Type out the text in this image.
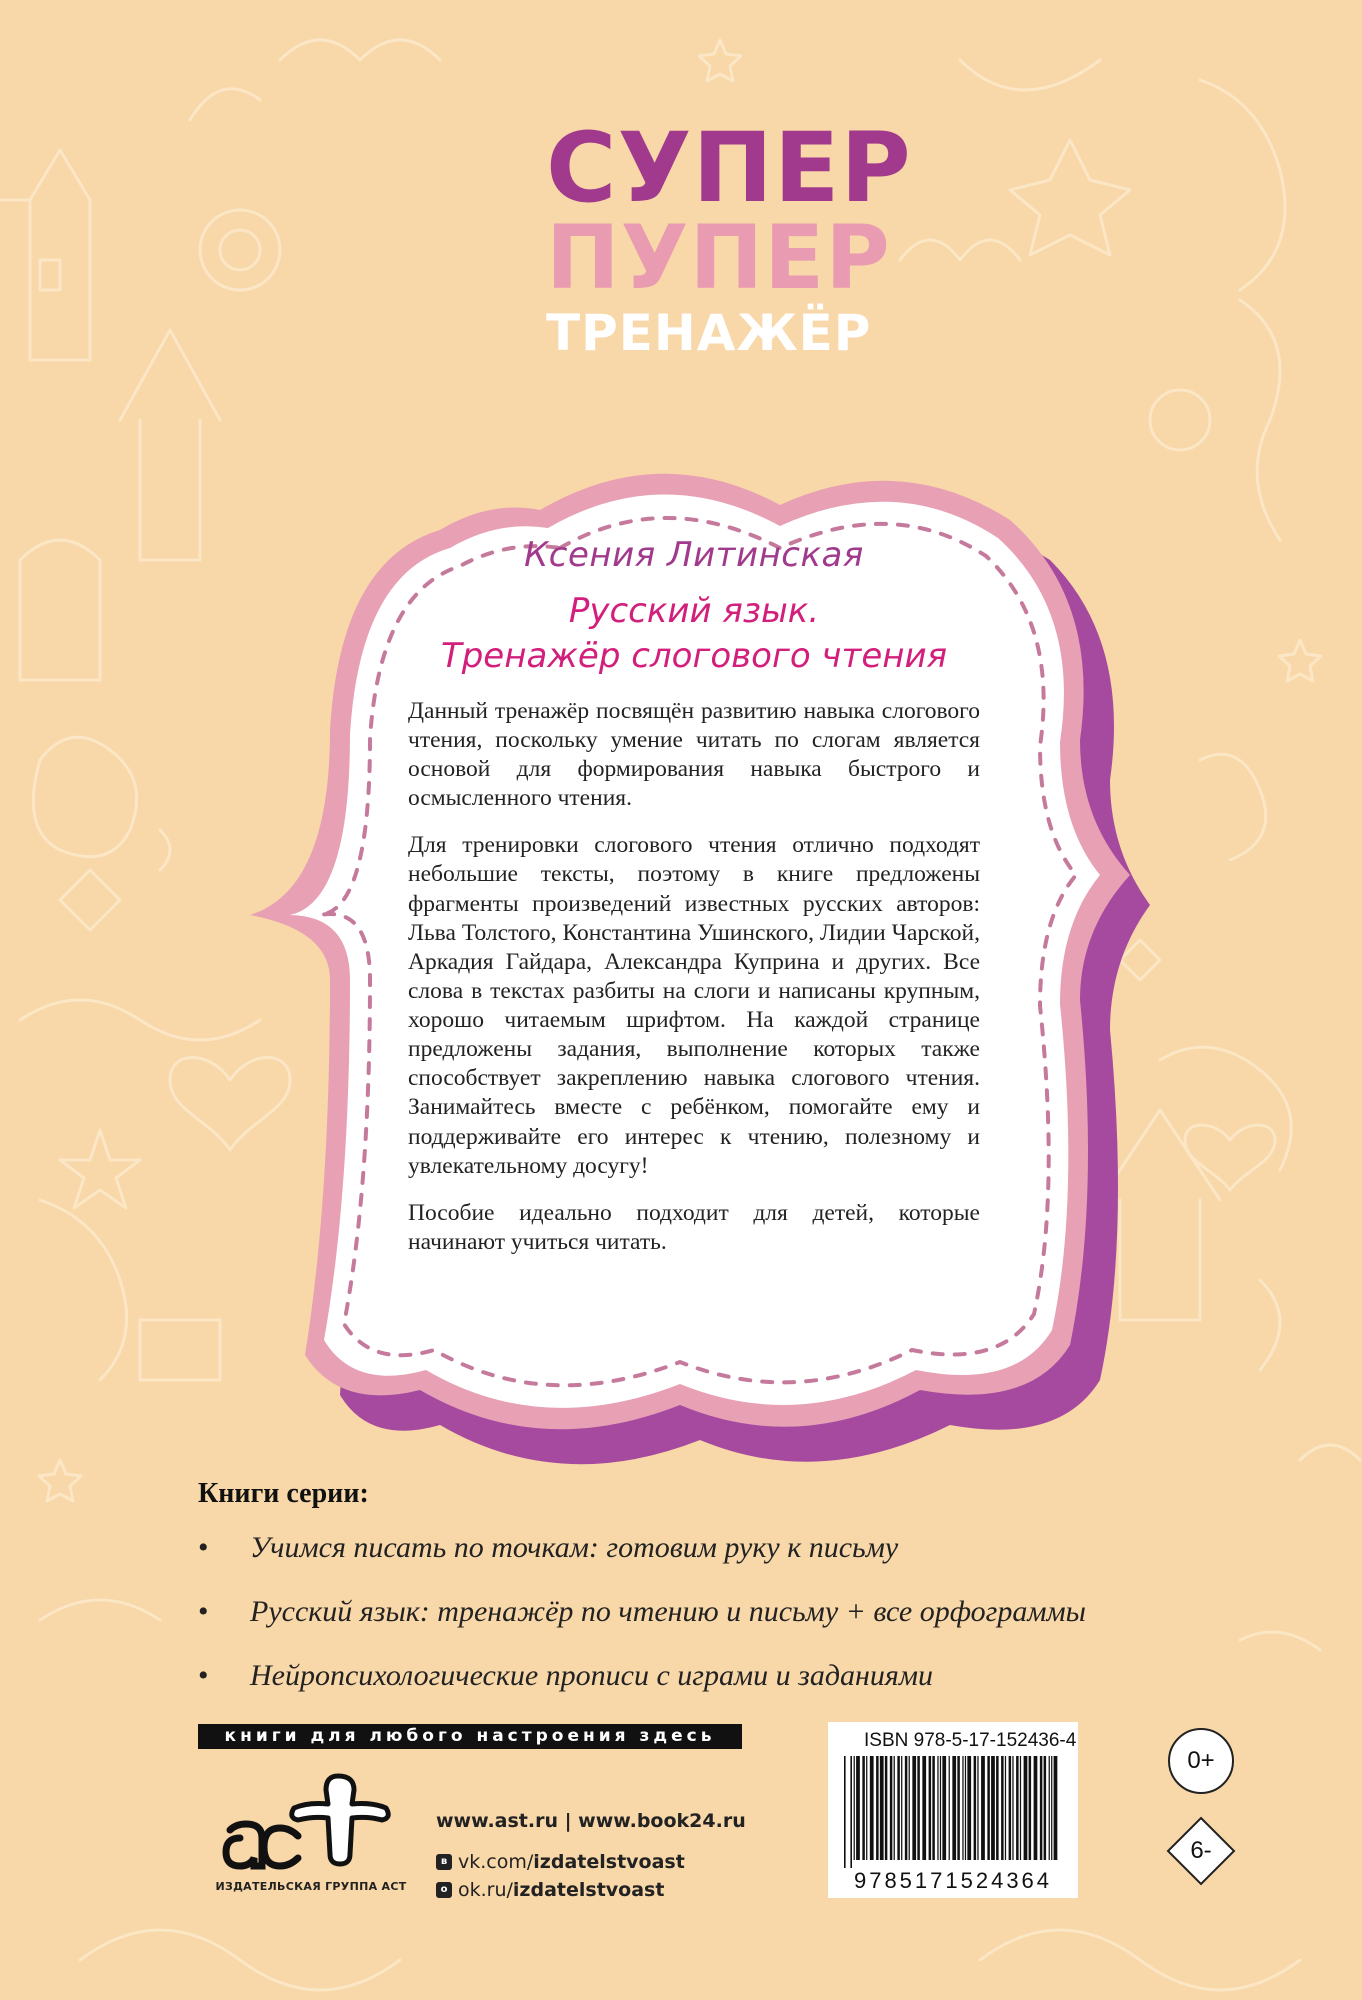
СУПЕР
ПУПЕР
ТРЕНАЖЁР

Ксения Литинская

Русский язык.
Тренажёр слогового чтения

Данный тренажёр посвящён развитию навыка слогового чтения, поскольку умение читать по слогам является основой для формирования навыка быстрого и осмысленного чтения.

Для тренировки слогового чтения отлично подходят небольшие тексты, поэтому в книге предложены фрагменты произведений известных русских авторов: Льва Толстого, Константина Ушинского, Лидии Чарской, Аркадия Гайдара, Александра Куприна и других. Все слова в текстах разбиты на слоги и написаны крупным, хорошо читаемым шрифтом. На каждой странице предложены задания, выполнение которых также способствует закреплению навыка слогового чтения. Занимайтесь вместе с ребёнком, помогайте ему и поддерживайте его интерес к чтению, полезному и увлекательному досугу!

Пособие идеально подходит для детей, которые начинают учиться читать.

Книги серии:

• Учимся писать по точкам: готовим руку к письму
• Русский язык: тренажёр по чтению и письму + все орфограммы
• Нейропсихологические прописи с играми и заданиями
книги для любого настроения здесь
ИЗДАТЕЛЬСКАЯ ГРУППА АСТ

www.ast.ru | www.book24.ru

в vk.com/ izdatelstvoast
о ok.ru/ izdatelstvoast

ISBN 978-5-17-152436-4

9785171524364
0+
6-
